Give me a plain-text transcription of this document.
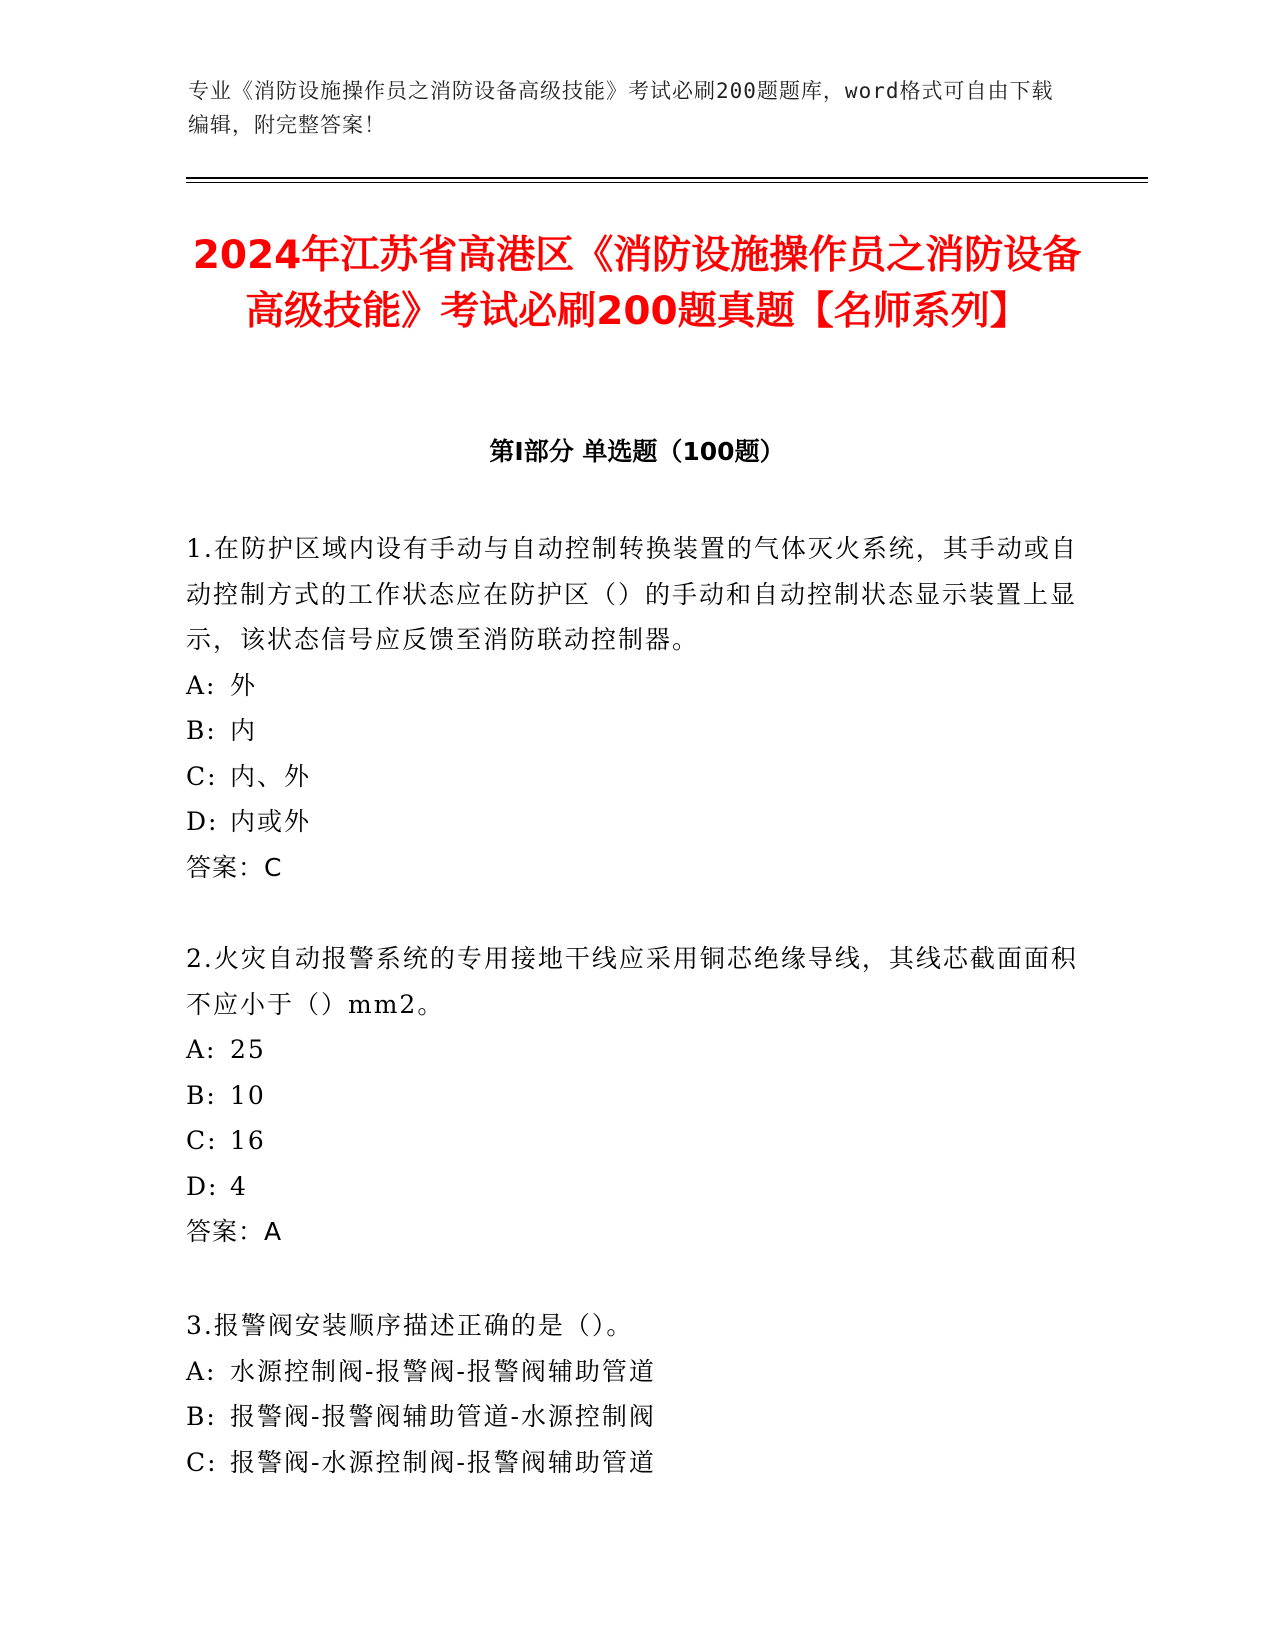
专业《消防设施操作员之消防设备高级技能》考试必刷200题题库，word格式可自由下载编辑，附完整答案！
2024年江苏省高港区《消防设施操作员之消防设备高级技能》考试必刷200题真题【名师系列】
第I部分 单选题（100题）

1.在防护区域内设有手动与自动控制转换装置的气体灭火系统，其手动或自动控制方式的工作状态应在防护区（）的手动和自动控制状态显示装置上显示，该状态信号应反馈至消防联动控制器。

A: 外

B: 内

C: 内、外

D: 内或外

答案：C

2.火灾自动报警系统的专用接地干线应采用铜芯绝缘导线，其线芯截面面积不应小于（）mm2。

A: 25

B: 10

C: 16

D: 4

答案：A

3.报警阀安装顺序描述正确的是（）。

A: 水源控制阀-报警阀-报警阀辅助管道

B: 报警阀-报警阀辅助管道-水源控制阀

C: 报警阀-水源控制阀-报警阀辅助管道
